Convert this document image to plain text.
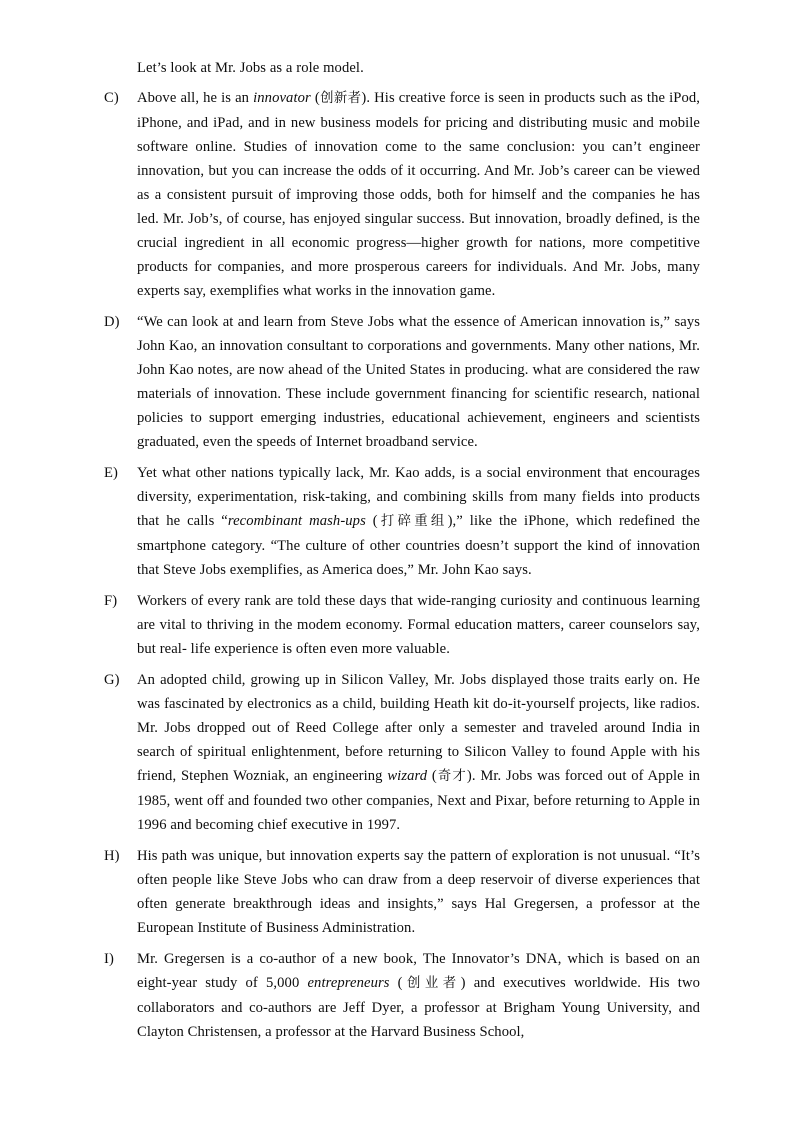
Let’s look at Mr. Jobs as a role model.

C)	Above all, he is an innovator (创新者). His creative force is seen in products such as the iPod, iPhone, and iPad, and in new business models for pricing and distributing music and mobile software online. Studies of innovation come to the same conclusion: you can’t engineer innovation, but you can increase the odds of it occurring. And Mr. Job’s career can be viewed as a consistent pursuit of improving those odds, both for himself and the companies he has led. Mr. Job’s, of course, has enjoyed singular success. But innovation, broadly defined, is the crucial ingredient in all economic progress—higher growth for nations, more competitive products for companies, and more prosperous careers for individuals. And Mr. Jobs, many experts say, exemplifies what works in the innovation game.

D)	“We can look at and learn from Steve Jobs what the essence of American innovation is,” says John Kao, an innovation consultant to corporations and governments. Many other nations, Mr. John Kao notes, are now ahead of the United States in producing. what are considered the raw materials of innovation. These include government financing for scientific research, national policies to support emerging industries, educational achievement, engineers and scientists graduated, even the speeds of Internet broadband service.

E)	Yet what other nations typically lack, Mr. Kao adds, is a social environment that encourages diversity, experimentation, risk-taking, and combining skills from many fields into products that he calls “recombinant mash-ups (打碎重组),” like the iPhone, which redefined the smartphone category. “The culture of other countries doesn’t support the kind of innovation that Steve Jobs exemplifies, as America does,” Mr. John Kao says.

F)	Workers of every rank are told these days that wide-ranging curiosity and continuous learning are vital to thriving in the modem economy. Formal education matters, career counselors say, but real- life experience is often even more valuable.

G)	An adopted child, growing up in Silicon Valley, Mr. Jobs displayed those traits early on. He was fascinated by electronics as a child, building Heath kit do-it-yourself projects, like radios. Mr. Jobs dropped out of Reed College after only a semester and traveled around India in search of spiritual enlightenment, before returning to Silicon Valley to found Apple with his friend, Stephen Wozniak, an engineering wizard (奇才). Mr. Jobs was forced out of Apple in 1985, went off and founded two other companies, Next and Pixar, before returning to Apple in 1996 and becoming chief executive in 1997.

H)	His path was unique, but innovation experts say the pattern of exploration is not unusual. “It’s often people like Steve Jobs who can draw from a deep reservoir of diverse experiences that often generate breakthrough ideas and insights,” says Hal Gregersen, a professor at the European Institute of Business Administration.

I)	Mr. Gregersen is a co-author of a new book, The Innovator’s DNA, which is based on an eight-year study of 5,000 entrepreneurs (创业者) and executives worldwide. His two collaborators and co-authors are Jeff Dyer, a professor at Brigham Young University, and Clayton Christensen, a professor at the Harvard Business School,
